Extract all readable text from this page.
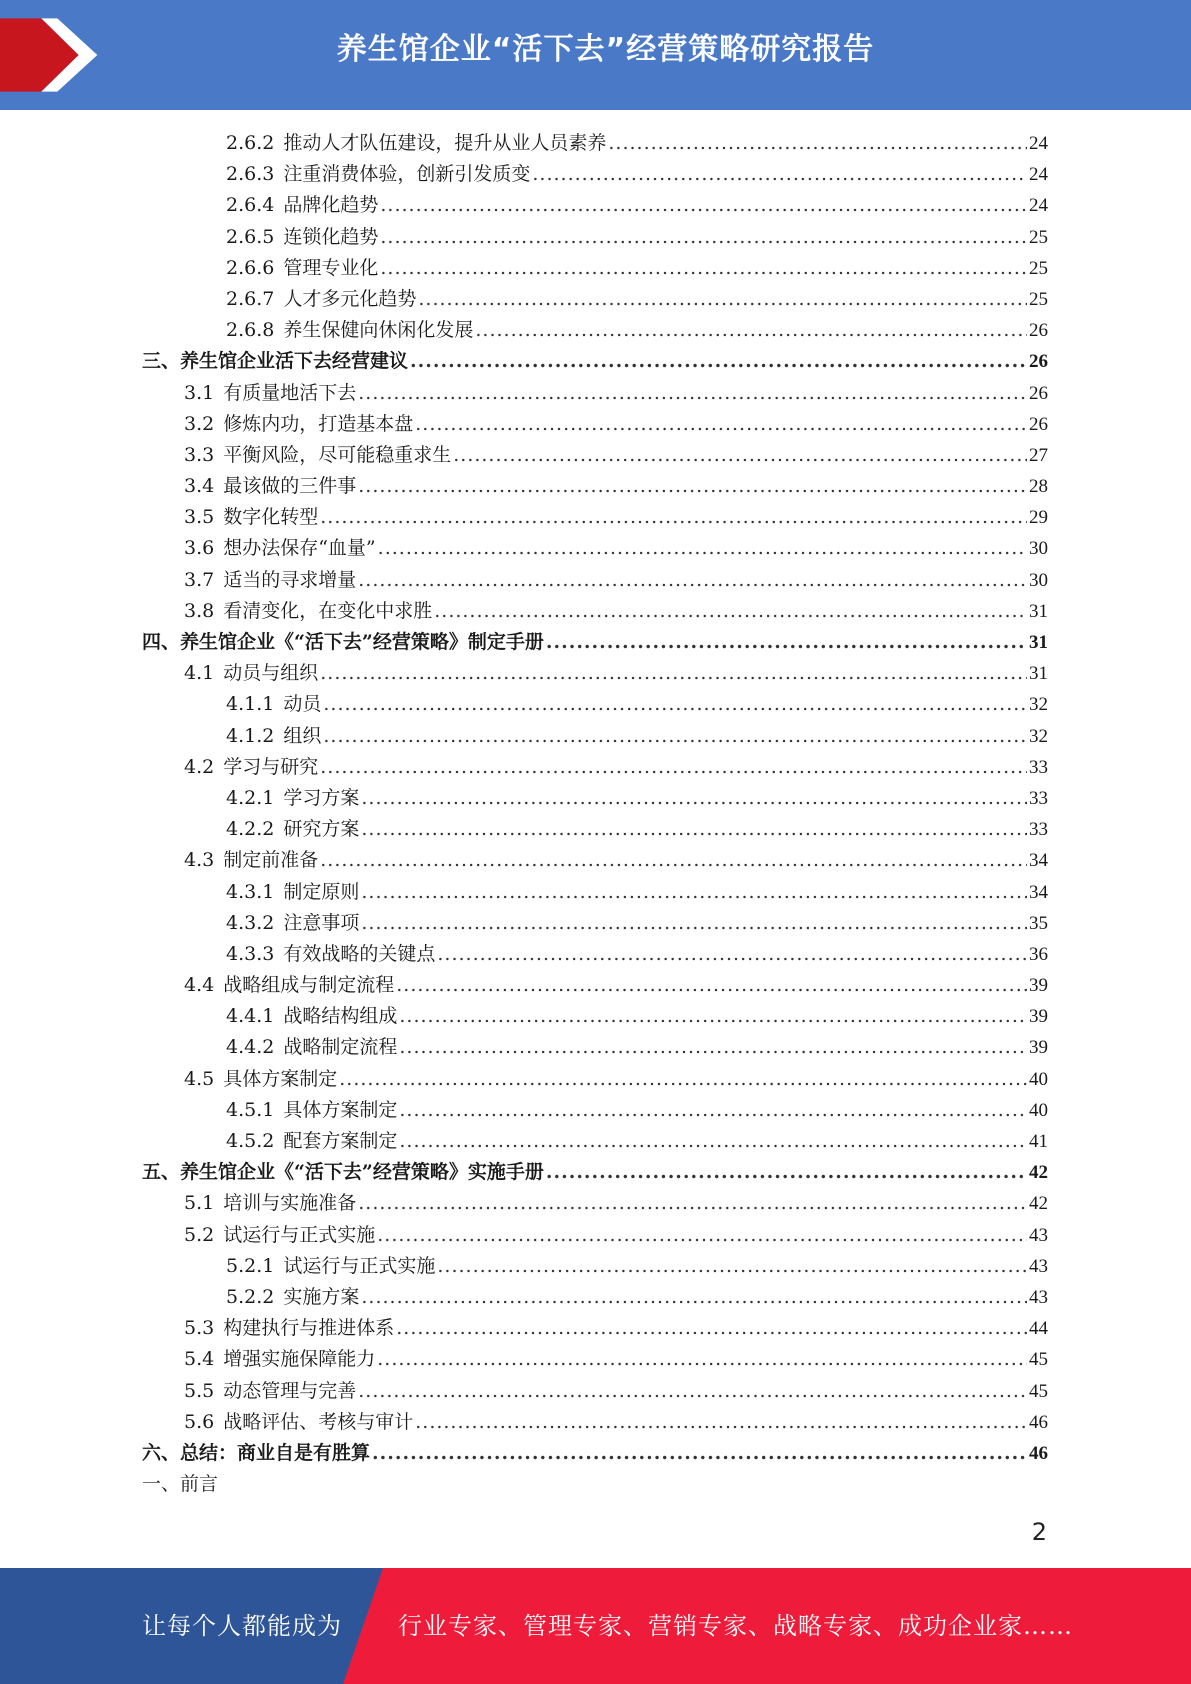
养生馆企业“活下去”经营策略研究报告
2.6.2 推动人才队伍建设，提升从业人员素养 .....	24
2.6.3 注重消费体验，创新引发质变 .....	24
2.6.4 品牌化趋势 .....	24
2.6.5 连锁化趋势 .....	25
2.6.6 管理专业化 .....	25
2.6.7 人才多元化趋势 .....	25
2.6.8 养生保健向休闲化发展 .....	26
三、养生馆企业活下去经营建议 .....	26
3.1 有质量地活下去 .....	26
3.2 修炼内功，打造基本盘 .....	26
3.3 平衡风险，尽可能稳重求生 .....	27
3.4 最该做的三件事 .....	28
3.5 数字化转型 .....	29
3.6 想办法保存“血量” .....	30
3.7 适当的寻求增量 .....	30
3.8 看清变化，在变化中求胜 .....	31
四、养生馆企业《“活下去”经营策略》制定手册 .....	31
4.1 动员与组织 .....	31
4.1.1 动员 .....	32
4.1.2 组织 .....	32
4.2 学习与研究 .....	33
4.2.1 学习方案 .....	33
4.2.2 研究方案 .....	33
4.3 制定前准备 .....	34
4.3.1 制定原则 .....	34
4.3.2 注意事项 .....	35
4.3.3 有效战略的关键点 .....	36
4.4 战略组成与制定流程 .....	39
4.4.1 战略结构组成 .....	39
4.4.2 战略制定流程 .....	39
4.5 具体方案制定 .....	40
4.5.1 具体方案制定 .....	40
4.5.2 配套方案制定 .....	41
五、养生馆企业《“活下去”经营策略》实施手册 .....	42
5.1 培训与实施准备 .....	42
5.2 试运行与正式实施 .....	43
5.2.1 试运行与正式实施 .....	43
5.2.2 实施方案 .....	43
5.3 构建执行与推进体系 .....	44
5.4 增强实施保障能力 .....	45
5.5 动态管理与完善 .....	45
5.6 战略评估、考核与审计 .....	46
六、总结：商业自是有胜算 .....	46
一、前言
2
让每个人都能成为 行业专家、管理专家、营销专家、战略专家、成功企业家……
